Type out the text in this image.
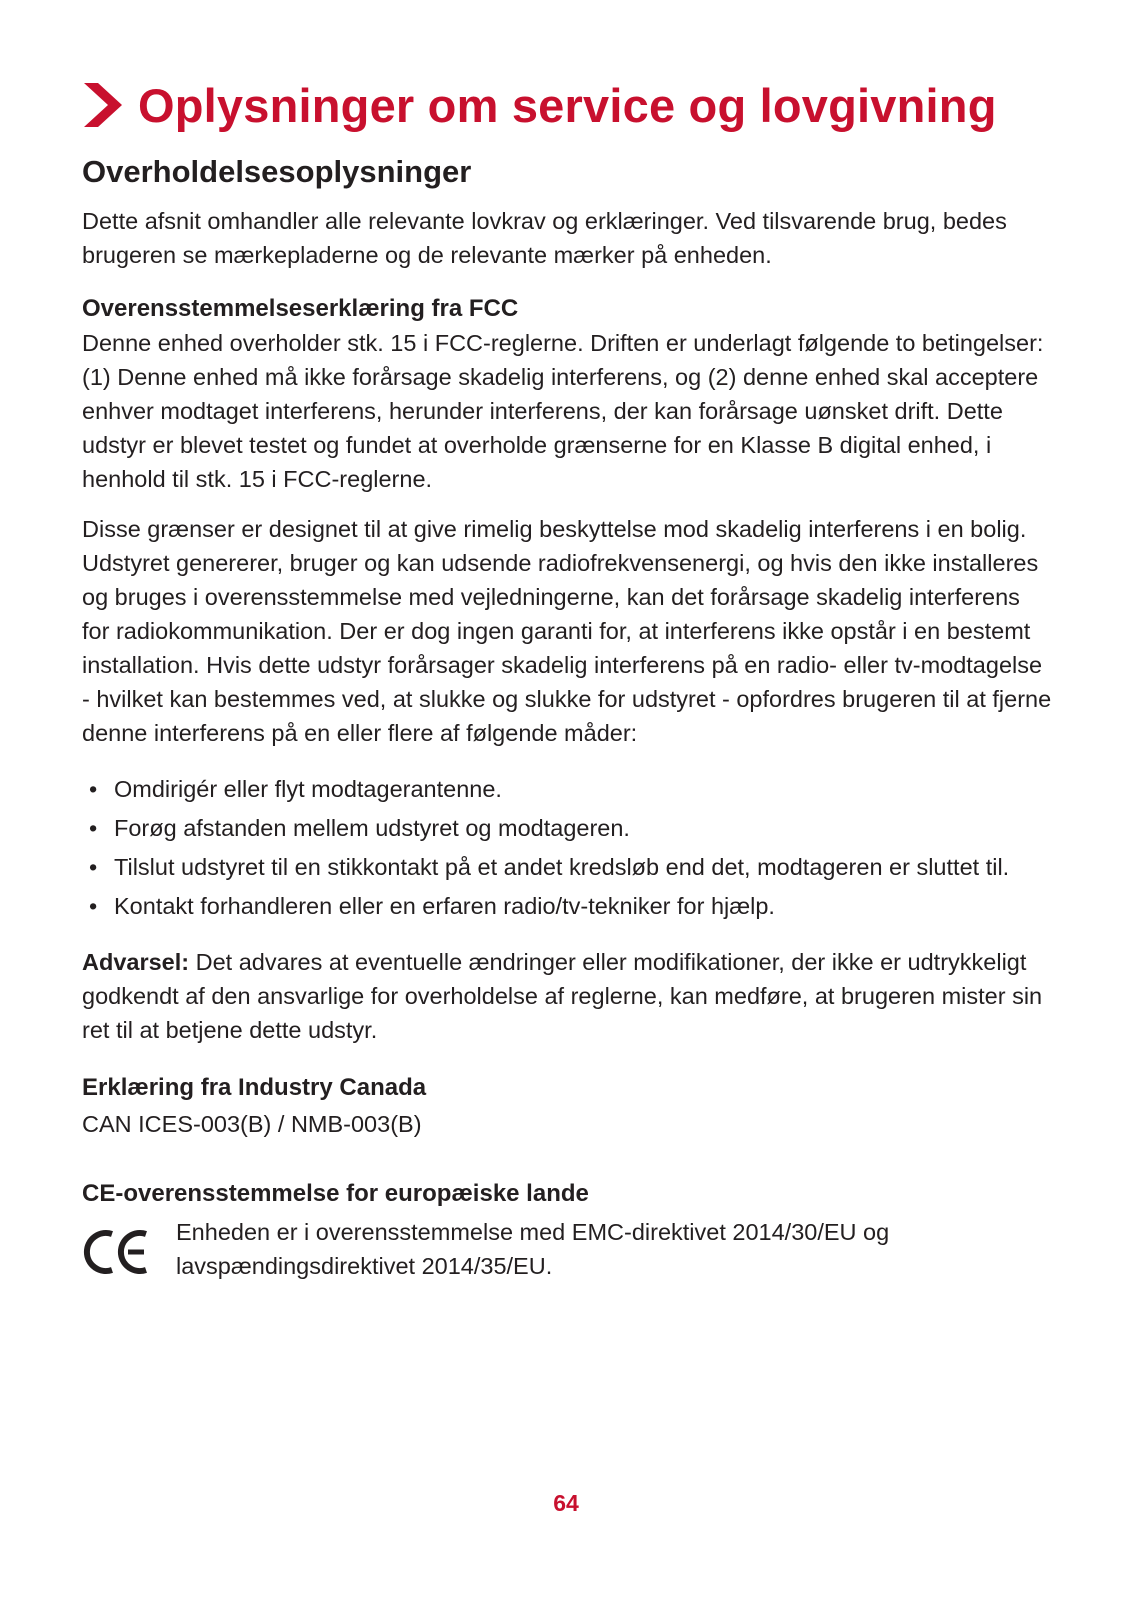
Oplysninger om service og lovgivning
Overholdelsesoplysninger

Dette afsnit omhandler alle relevante lovkrav og erklæringer. Ved tilsvarende brug, bedes brugeren se mærkepladerne og de relevante mærker på enheden.

Overensstemmelseserklæring fra FCC

Denne enhed overholder stk. 15 i FCC-reglerne. Driften er underlagt følgende to betingelser: (1) Denne enhed må ikke forårsage skadelig interferens, og (2) denne enhed skal acceptere enhver modtaget interferens, herunder interferens, der kan forårsage uønsket drift. Dette udstyr er blevet testet og fundet at overholde grænserne for en Klasse B digital enhed, i henhold til stk. 15 i FCC-reglerne.

Disse grænser er designet til at give rimelig beskyttelse mod skadelig interferens i en bolig. Udstyret genererer, bruger og kan udsende radiofrekvensenergi, og hvis den ikke installeres og bruges i overensstemmelse med vejledningerne, kan det forårsage skadelig interferens for radiokommunikation. Der er dog ingen garanti for, at interferens ikke opstår i en bestemt installation. Hvis dette udstyr forårsager skadelig interferens på en radio- eller tv-modtagelse - hvilket kan bestemmes ved, at slukke og slukke for udstyret - opfordres brugeren til at fjerne denne interferens på en eller flere af følgende måder:

• Omdirigér eller flyt modtagerantenne.
• Forøg afstanden mellem udstyret og modtageren.
• Tilslut udstyret til en stikkontakt på et andet kredsløb end det, modtageren er sluttet til.
• Kontakt forhandleren eller en erfaren radio/tv-tekniker for hjælp.

Advarsel: Det advares at eventuelle ændringer eller modifikationer, der ikke er udtrykkeligt godkendt af den ansvarlige for overholdelse af reglerne, kan medføre, at brugeren mister sin ret til at betjene dette udstyr.

Erklæring fra Industry Canada

CAN ICES-003(B) / NMB-003(B)

CE-overensstemmelse for europæiske lande

Enheden er i overensstemmelse med EMC-direktivet 2014/30/EU og lavspændingsdirektivet 2014/35/EU.

64
